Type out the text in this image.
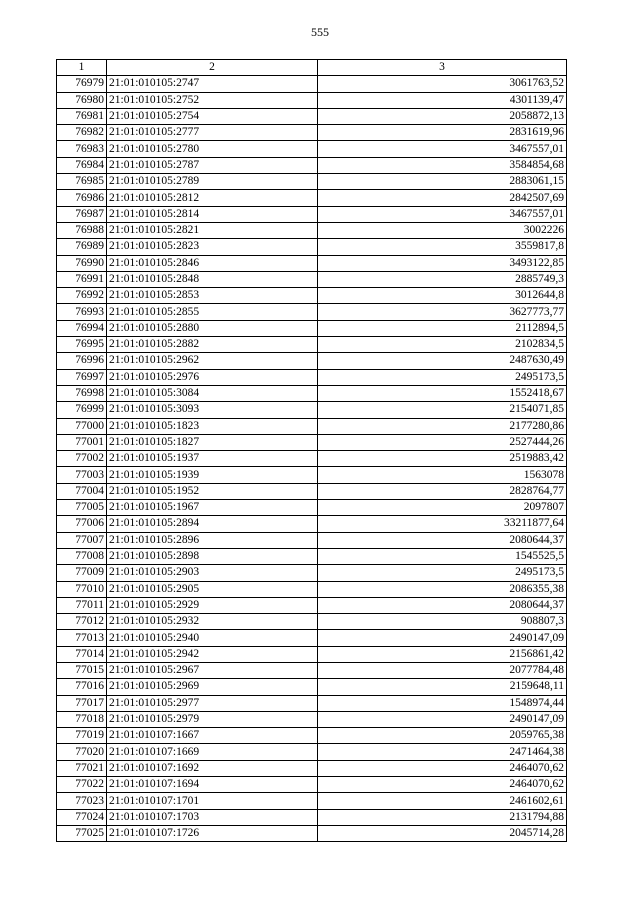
555
1	2	3
76979	21:01:010105:2747	3061763,52
76980	21:01:010105:2752	4301139,47
76981	21:01:010105:2754	2058872,13
76982	21:01:010105:2777	2831619,96
76983	21:01:010105:2780	3467557,01
76984	21:01:010105:2787	3584854,68
76985	21:01:010105:2789	2883061,15
76986	21:01:010105:2812	2842507,69
76987	21:01:010105:2814	3467557,01
76988	21:01:010105:2821	3002226
76989	21:01:010105:2823	3559817,8
76990	21:01:010105:2846	3493122,85
76991	21:01:010105:2848	2885749,3
76992	21:01:010105:2853	3012644,8
76993	21:01:010105:2855	3627773,77
76994	21:01:010105:2880	2112894,5
76995	21:01:010105:2882	2102834,5
76996	21:01:010105:2962	2487630,49
76997	21:01:010105:2976	2495173,5
76998	21:01:010105:3084	1552418,67
76999	21:01:010105:3093	2154071,85
77000	21:01:010105:1823	2177280,86
77001	21:01:010105:1827	2527444,26
77002	21:01:010105:1937	2519883,42
77003	21:01:010105:1939	1563078
77004	21:01:010105:1952	2828764,77
77005	21:01:010105:1967	2097807
77006	21:01:010105:2894	33211877,64
77007	21:01:010105:2896	2080644,37
77008	21:01:010105:2898	1545525,5
77009	21:01:010105:2903	2495173,5
77010	21:01:010105:2905	2086355,38
77011	21:01:010105:2929	2080644,37
77012	21:01:010105:2932	908807,3
77013	21:01:010105:2940	2490147,09
77014	21:01:010105:2942	2156861,42
77015	21:01:010105:2967	2077784,48
77016	21:01:010105:2969	2159648,11
77017	21:01:010105:2977	1548974,44
77018	21:01:010105:2979	2490147,09
77019	21:01:010107:1667	2059765,38
77020	21:01:010107:1669	2471464,38
77021	21:01:010107:1692	2464070,62
77022	21:01:010107:1694	2464070,62
77023	21:01:010107:1701	2461602,61
77024	21:01:010107:1703	2131794,88
77025	21:01:010107:1726	2045714,28
